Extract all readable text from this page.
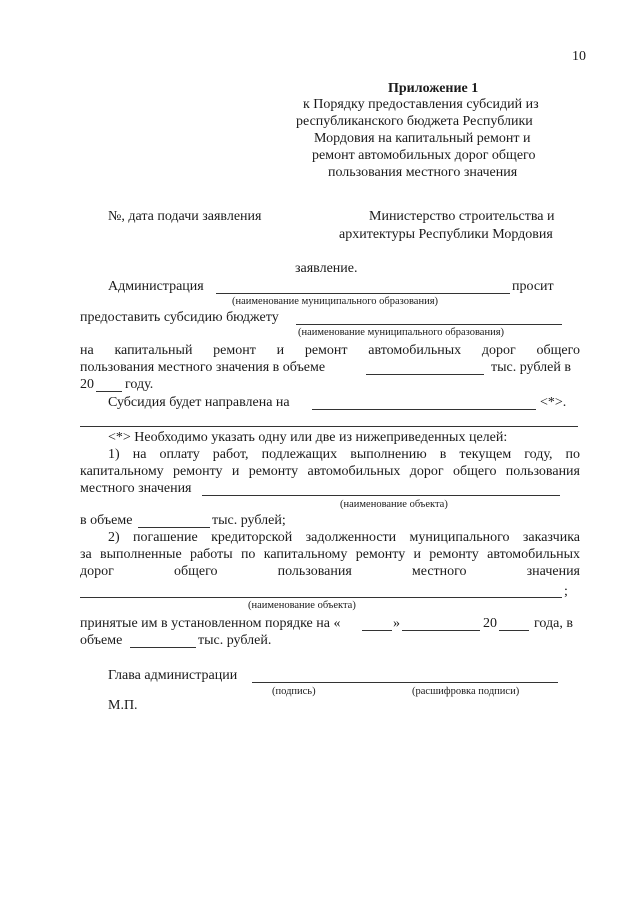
10
Приложение 1
к Порядку предоставления субсидий из
республиканского бюджета Республики
Мордовия на капитальный ремонт и
ремонт автомобильных дорог общего
пользования местного значения
№, дата подачи заявления	Министерство строительства и
архитектуры Республики Мордовия
заявление.
Администрация	просит
(наименование муниципального образования)
предоставить субсидию бюджету
(наименование муниципального образования)
на капитальный ремонт и ремонт автомобильных дорог общего
пользования местного значения в объеме	тыс. рублей в
20 году.
Субсидия будет направлена на	<*>.
<*> Необходимо указать одну или две из нижеприведенных целей:
1) на оплату работ, подлежащих выполнению в текущем году, по
капитальному ремонту и ремонту автомобильных дорог общего пользования
местного значения
(наименование объекта)
в объеме	тыс. рублей;
2) погашение кредиторской задолженности муниципального заказчика
за выполненные работы по капитальному ремонту и ремонту автомобильных
дорог общего пользования местного значения
;
(наименование объекта)
принятые им в установленном порядке на «	»	20	года, в
объеме	тыс. рублей.
Глава администрации
(подпись)	(расшифровка подписи)
М.П.
